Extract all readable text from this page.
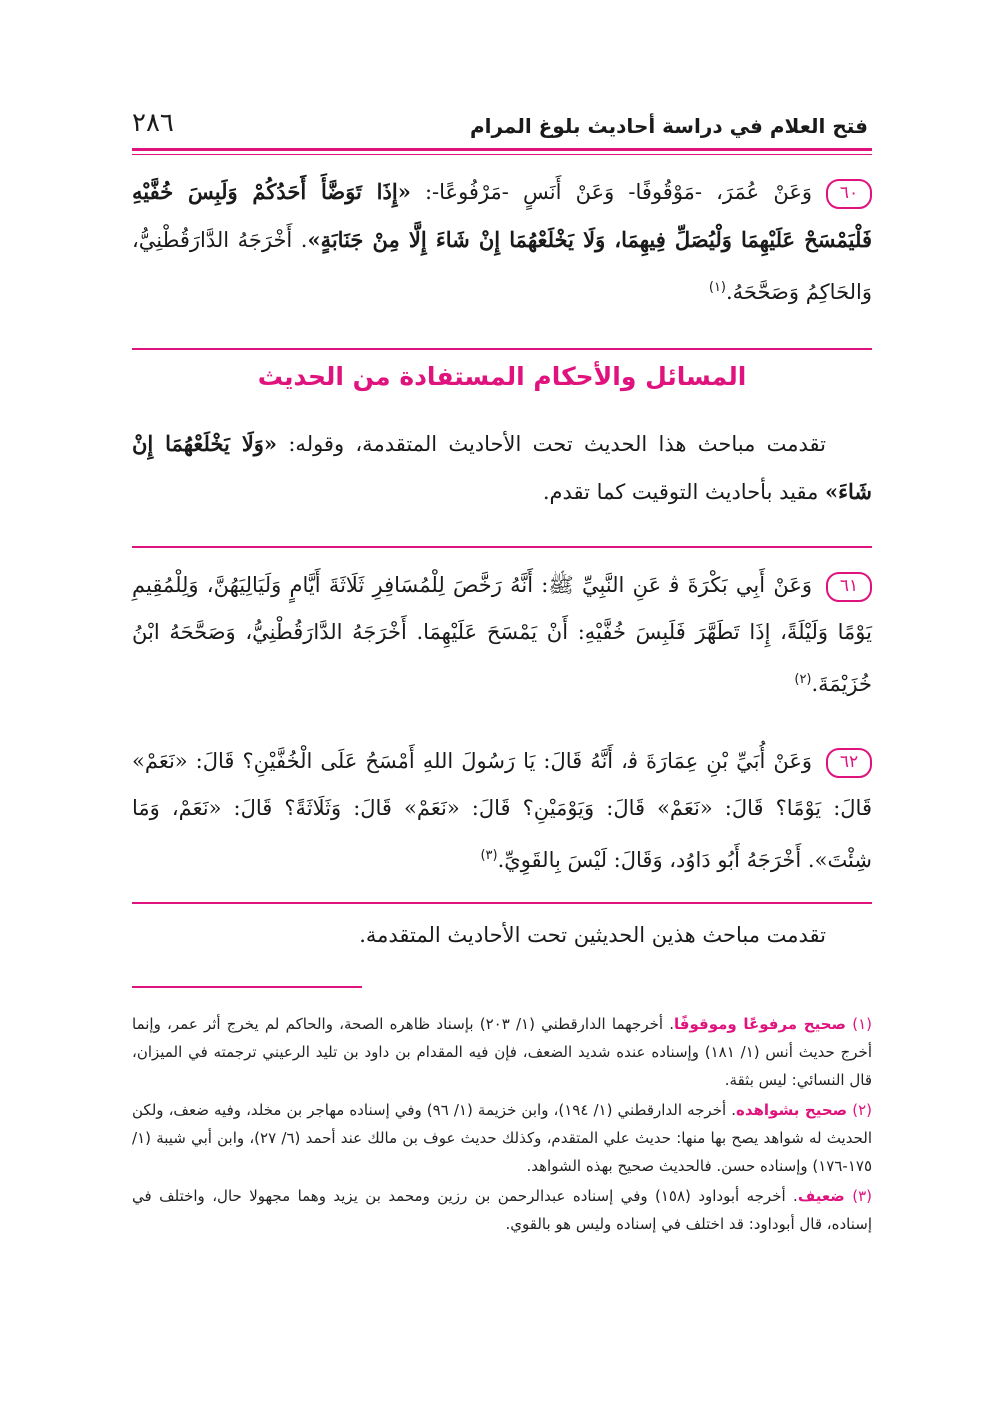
فتح العلام في دراسة أحاديث بلوغ المرام
٢٨٦
٦٠وَعَنْ عُمَرَ، -مَوْقُوفًا- وَعَنْ أَنَسٍ -مَرْفُوعًا-: «إِذَا تَوَضَّأَ أَحَدُكُمْ وَلَبِسَ خُفَّيْهِ فَلْيَمْسَحْ عَلَيْهِمَا وَلْيُصَلِّ فِيهِمَا، وَلَا يَخْلَعْهُمَا إِنْ شَاءَ إِلَّا مِنْ جَنَابَةٍ». أَخْرَجَهُ الدَّارَقُطْنِيُّ، وَالحَاكِمُ وَصَحَّحَهُ.$^{(١)}$
المسائل والأحكام المستفادة من الحديث
تقدمت مباحث هذا الحديث تحت الأحاديث المتقدمة، وقوله: «وَلَا يَخْلَعْهُمَا إِنْ شَاءَ» مقيد بأحاديث التوقيت كما تقدم.
٦١وَعَنْ أَبِي بَكْرَةَ ﭬ عَنِ النَّبِيِّ ﷺ: أَنَّهُ رَخَّصَ لِلْمُسَافِرِ ثَلَاثَةَ أَيَّامٍ وَلَيَالِيَهُنَّ، وَلِلْمُقِيمِ يَوْمًا وَلَيْلَةً، إِذَا تَطَهَّرَ فَلَبِسَ خُفَّيْهِ: أَنْ يَمْسَحَ عَلَيْهِمَا. أَخْرَجَهُ الدَّارَقُطْنِيُّ، وَصَحَّحَهُ ابْنُ خُزَيْمَةَ.$^{(٢)}$
٦٢وَعَنْ أُبَيِّ بْنِ عِمَارَةَ ﭬ، أَنَّهُ قَالَ: يَا رَسُولَ اللهِ أَمْسَحُ عَلَى الْخُفَّيْنِ؟ قَالَ: «نَعَمْ» قَالَ: يَوْمًا؟ قَالَ: «نَعَمْ» قَالَ: وَيَوْمَيْنِ؟ قَالَ: «نَعَمْ» قَالَ: وَثَلَاثَةً؟ قَالَ: «نَعَمْ، وَمَا شِئْتَ». أَخْرَجَهُ أَبُو دَاوُد، وَقَالَ: لَيْسَ بِالقَوِيِّ.$^{(٣)}$
تقدمت مباحث هذين الحديثين تحت الأحاديث المتقدمة.

(١) صحيح مرفوعًا وموقوفًا. أخرجهما الدارقطني (١/ ٢٠٣) بإسناد ظاهره الصحة، والحاكم لم يخرج أثر عمر، وإنما أخرج حديث أنس (١/ ١٨١) وإسناده عنده شديد الضعف، فإن فيه المقدام بن داود بن تليد الرعيني ترجمته في الميزان، قال النسائي: ليس بثقة.

(٢) صحيح بشواهده. أخرجه الدارقطني (١/ ١٩٤)، وابن خزيمة (١/ ٩٦) وفي إسناده مهاجر بن مخلد، وفيه ضعف، ولكن الحديث له شواهد يصح بها منها: حديث علي المتقدم، وكذلك حديث عوف بن مالك عند أحمد (٦/ ٢٧)، وابن أبي شيبة (١/ ١٧٥-١٧٦) وإسناده حسن. فالحديث صحيح بهذه الشواهد.

(٣) ضعيف. أخرجه أبوداود (١٥٨) وفي إسناده عبدالرحمن بن رزين ومحمد بن يزيد وهما مجهولا حال، واختلف في إسناده، قال أبوداود: قد اختلف في إسناده وليس هو بالقوي.
